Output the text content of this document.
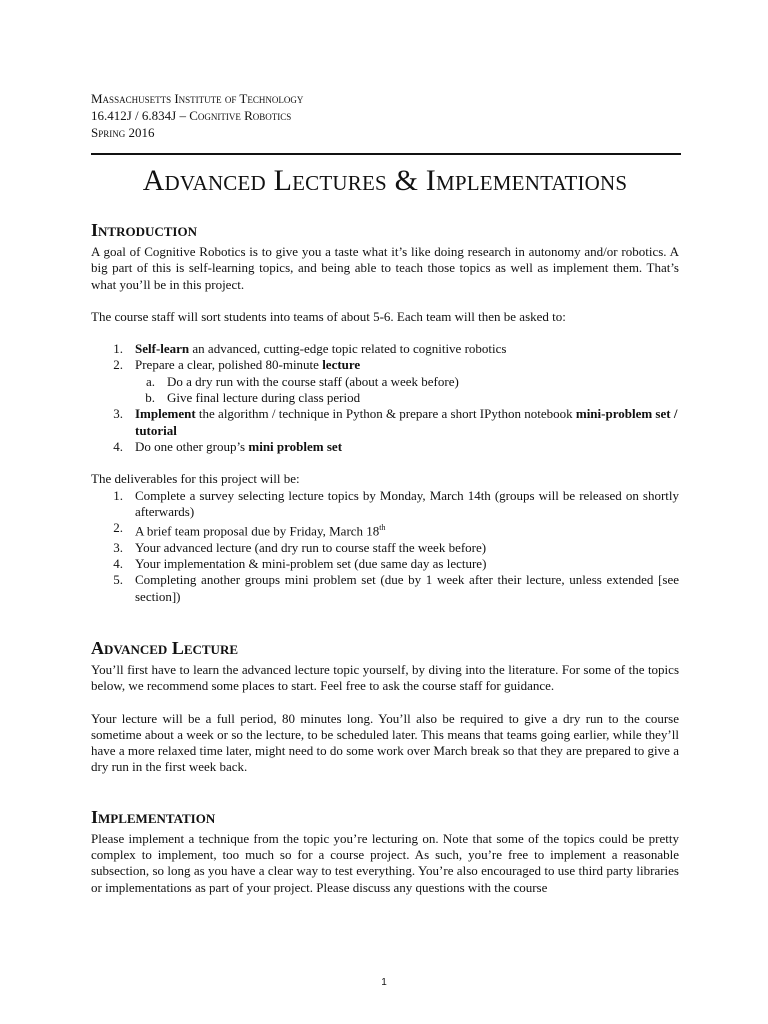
Massachusetts Institute of Technology
16.412J / 6.834J – Cognitive Robotics
Spring 2016
Advanced Lectures & Implementations
Introduction

A goal of Cognitive Robotics is to give you a taste what it’s like doing research in autonomy and/or robotics. A big part of this is self-learning topics, and being able to teach those topics as well as implement them. That’s what you’ll be in this project.

The course staff will sort students into teams of about 5-6. Each team will then be asked to:

1. Self-learn an advanced, cutting-edge topic related to cognitive robotics
2. Prepare a clear, polished 80-minute lecture
a. Do a dry run with the course staff (about a week before)
b. Give final lecture during class period
3. Implement the algorithm / technique in Python & prepare a short IPython notebook mini-problem set / tutorial
4. Do one other group’s mini problem set

The deliverables for this project will be:

1. Complete a survey selecting lecture topics by Monday, March 14th (groups will be released on shortly afterwards)
2. A brief team proposal due by Friday, March 18th
3. Your advanced lecture (and dry run to course staff the week before)
4. Your implementation & mini-problem set (due same day as lecture)
5. Completing another groups mini problem set (due by 1 week after their lecture, unless extended [see section])
Advanced Lecture

You’ll first have to learn the advanced lecture topic yourself, by diving into the literature. For some of the topics below, we recommend some places to start. Feel free to ask the course staff for guidance.

Your lecture will be a full period, 80 minutes long. You’ll also be required to give a dry run to the course sometime about a week or so the lecture, to be scheduled later. This means that teams going earlier, while they’ll have a more relaxed time later, might need to do some work over March break so that they are prepared to give a dry run in the first week back.

Implementation

Please implement a technique from the topic you’re lecturing on. Note that some of the topics could be pretty complex to implement, too much so for a course project. As such, you’re free to implement a reasonable subsection, so long as you have a clear way to test everything. You’re also encouraged to use third party libraries or implementations as part of your project. Please discuss any questions with the course

1
